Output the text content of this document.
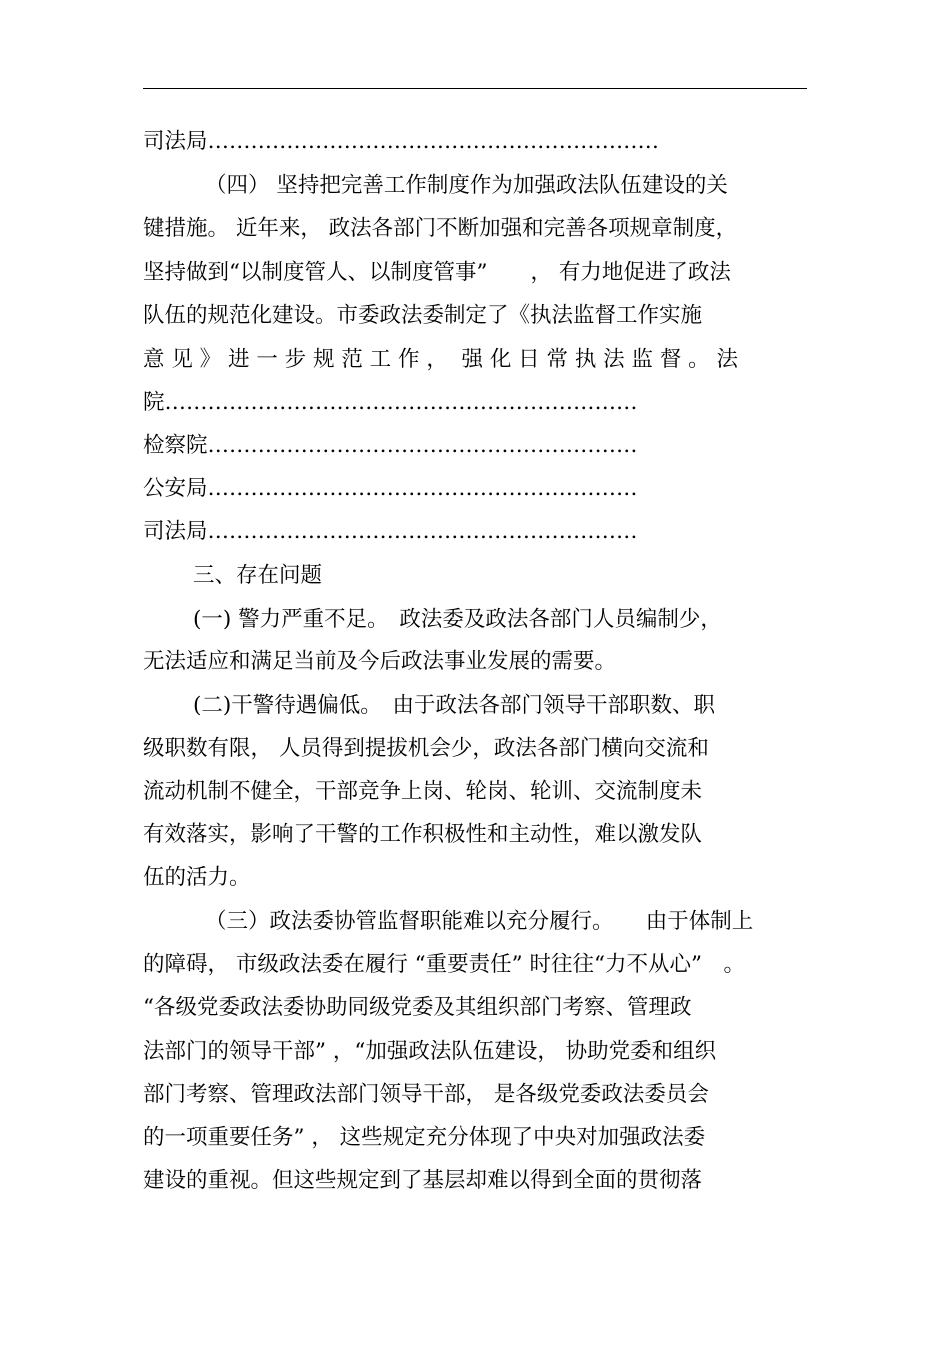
司法局………………………………………………………
（四） 坚持把完善工作制度作为加强政法队伍建设的关
键措施。 近年来， 政法各部门不断加强和完善各项规章制度，
坚持做到“以制度管人、以制度管事”　　， 有力地促进了政法
队伍的规范化建设。市委政法委制定了《执法监督工作实施
意 见 》 进 一 步 规 范 工 作 ，  强 化 日 常 执 法 监 督 。 法
院…………………………………………………………
检察院……………………………………………………
公安局……………………………………………………
司法局……………………………………………………
三、存在问题
(一) 警力严重不足。　政法委及政法各部门人员编制少，
无法适应和满足当前及今后政法事业发展的需要。
(二)干警待遇偏低。　由于政法各部门领导干部职数、职
级职数有限， 人员得到提拔机会少，政法各部门横向交流和
流动机制不健全，干部竞争上岗、轮岗、轮训、交流制度未
有效落实，影响了干警的工作积极性和主动性，难以激发队
伍的活力。
（三）政法委协管监督职能难以充分履行。　　由于体制上
的障碍， 市级政法委在履行 “重要责任” 时往往“力不从心”　。
“各级党委政法委协助同级党委及其组织部门考察、管理政
法部门的领导干部” ，“加强政法队伍建设， 协助党委和组织
部门考察、管理政法部门领导干部， 是各级党委政法委员会
的一项重要任务” ， 这些规定充分体现了中央对加强政法委
建设的重视。但这些规定到了基层却难以得到全面的贯彻落
